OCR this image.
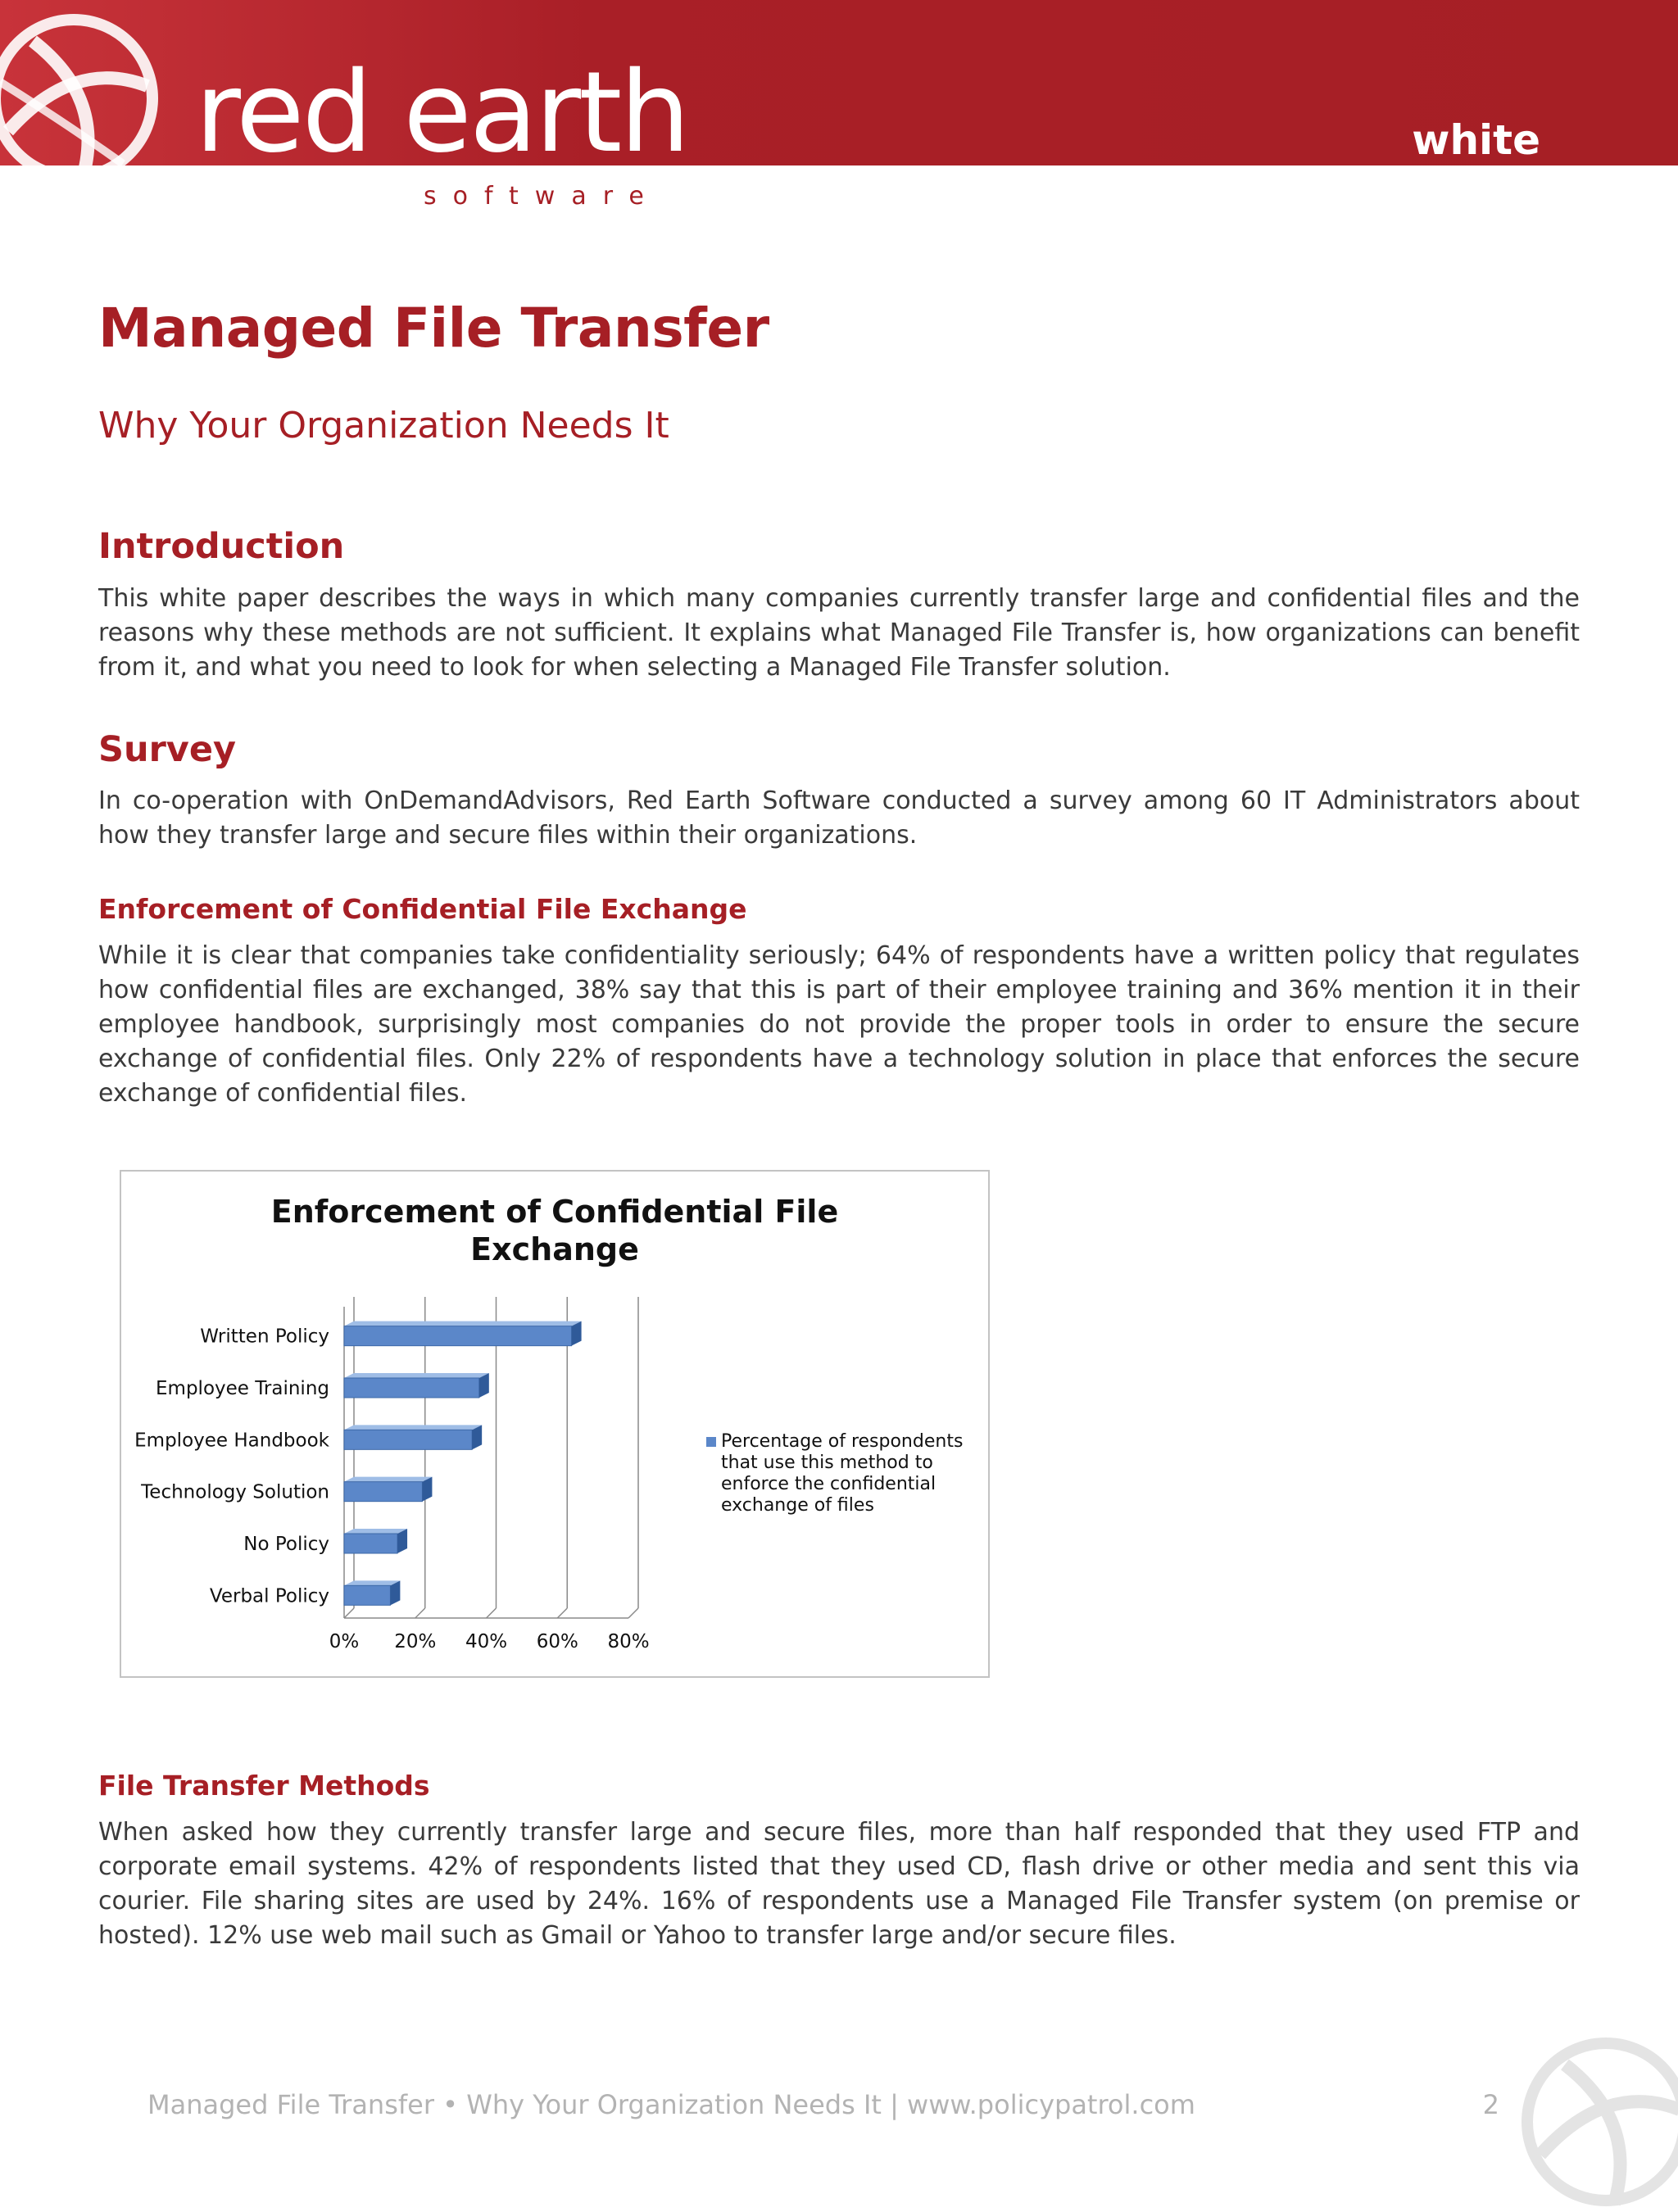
red earth
software
white paper
Managed File Transfer
Why Your Organization Needs It
Introduction

This white paper describes the ways in which many companies currently transfer large and confidential files and the reasons why these methods are not sufficient. It explains what Managed File Transfer is, how organizations can benefit from it, and what you need to look for when selecting a Managed File Transfer solution.

Survey

In co-operation with OnDemandAdvisors, Red Earth Software conducted a survey among 60 IT Administrators about how they transfer large and secure files within their organizations.

Enforcement of Confidential File Exchange

While it is clear that companies take confidentiality seriously; 64% of respondents have a written policy that regulates how confidential files are exchanged, 38% say that this is part of their employee training and 36% mention it in their employee handbook, surprisingly most companies do not provide the proper tools in order to ensure the secure exchange of confidential files. Only 22% of respondents have a technology solution in place that enforces the secure exchange of confidential files.

Enforcement of Confidential File Exchange
0% 20% 40% 60% 80%
Written Policy
Employee Training
Employee Handbook
Technology Solution
No Policy
Verbal Policy
Percentage of respondents
that use this method to
enforce the confidential
exchange of files
File Transfer Methods

When asked how they currently transfer large and secure files, more than half responded that they used FTP and corporate email systems. 42% of respondents listed that they used CD, flash drive or other media and sent this via courier. File sharing sites are used by 24%. 16% of respondents use a Managed File Transfer system (on premise or hosted). 12% use web mail such as Gmail or Yahoo to transfer large and/or secure files.

Managed File Transfer • Why Your Organization Needs It | www.policypatrol.com	2
